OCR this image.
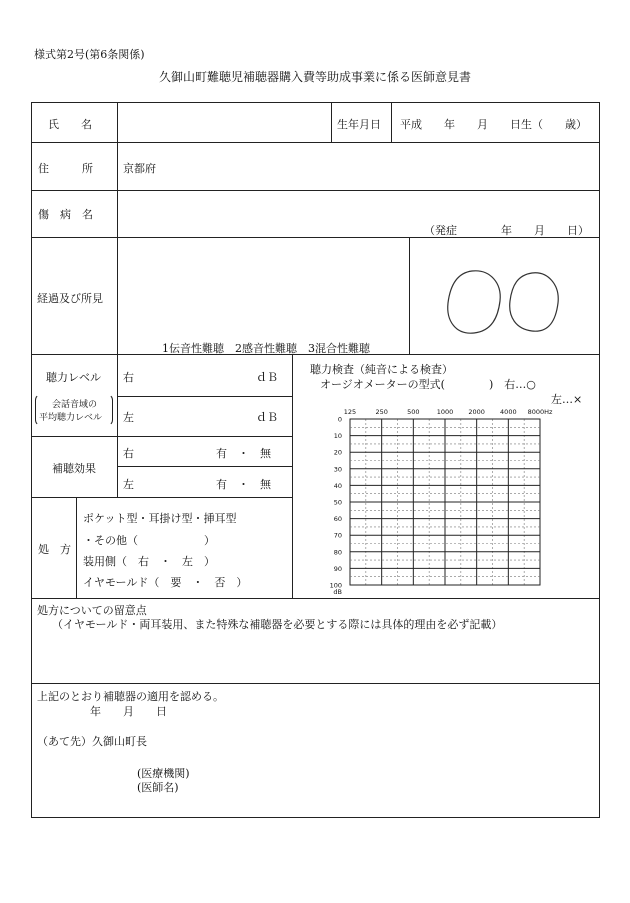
様式第2号(第6条関係)
久御山町難聴児補聴器購入費等助成事業に係る医師意見書
氏　　名	生年月日 平成　　年　　月　　日生（　　歳）
住　　　所	京都府
傷　病　名
（発症　　　　年　　月　　日）
経過及び所見
1伝音性難聴　2感音性難聴　3混合性難聴
聴力レベル
会話音域の
平均聴力レベル
右	ｄＢ
左	ｄＢ
補聴効果
右	有　・　無
左	有　・　無
処　方
ポケット型・耳掛け型・挿耳型
・その他（　　　　　　）
装用側（　右　・　左　）
イヤモールド（　要　・　否　）
聴力検査（純音による検査）
オージオメーターの型式(　　　　)　右…○
左…×
125	250	500	1000 2000 4000 8000Hz
0
10
20
30
40
50
60
70
80
90
100
dB
処方についての留意点
（イヤモールド・両耳装用、また特殊な補聴器を必要とする際には具体的理由を必ず記載）
上記のとおり補聴器の適用を認める。
年　　月　　日
（あて先）久御山町長
(医療機関)
(医師名)
